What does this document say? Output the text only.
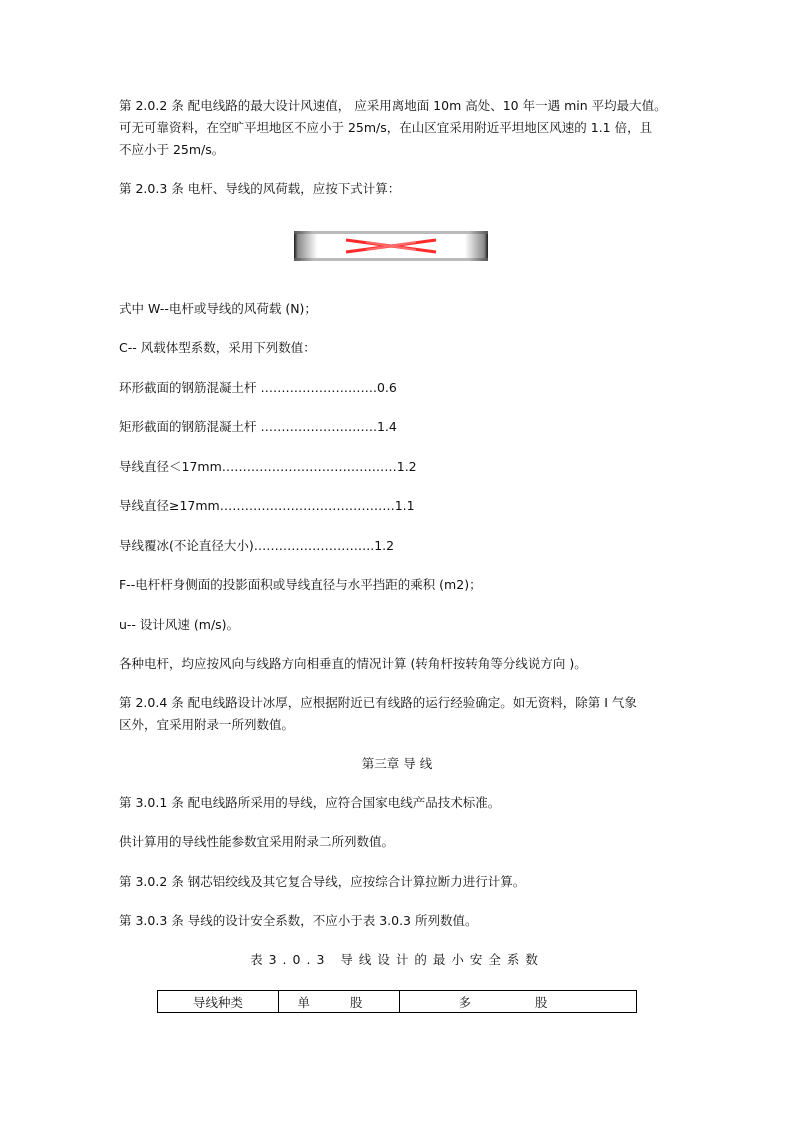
第 2.0.2 条 配电线路的最大设计风速值， 应采用离地面 10m 高处、10 年一遇 min 平均最大值。
可无可靠资料，在空旷平坦地区不应小于 25m/s，在山区宜采用附近平坦地区风速的 1.1 倍，且
不应小于 25m/s。
第 2.0.3 条 电杆、导线的风荷载，应按下式计算：
式中 W--电杆或导线的风荷载 (N)；
C-- 风载体型系数，采用下列数值：
环形截面的钢筋混凝土杆 ……………………….0.6
矩形截面的钢筋混凝土杆 ……………………….1.4
导线直径＜17mm……………………………………1.2
导线直径≥17mm……………………………………1.1
导线覆冰(不论直径大小)………………………..1.2
F--电杆杆身侧面的投影面积或导线直径与水平挡距的乘积 (m2)；
u-- 设计风速 (m/s)。
各种电杆，均应按风向与线路方向相垂直的情况计算 (转角杆按转角等分线说方向 )。
第 2.0.4 条 配电线路设计冰厚，应根据附近已有线路的运行经验确定。如无资料，除第 I 气象
区外，宜采用附录一所列数值。
第三章 导 线
第 3.0.1 条 配电线路所采用的导线，应符合国家电线产品技术标准。
供计算用的导线性能参数宜采用附录二所列数值。
第 3.0.2 条 钢芯铝绞线及其它复合导线，应按综合计算拉断力进行计算。
第 3.0.3 条 导线的设计安全系数，不应小于表 3.0.3 所列数值。
表3.0.3 导线设计的最小安全系数
导线种类	单 股	多 股
